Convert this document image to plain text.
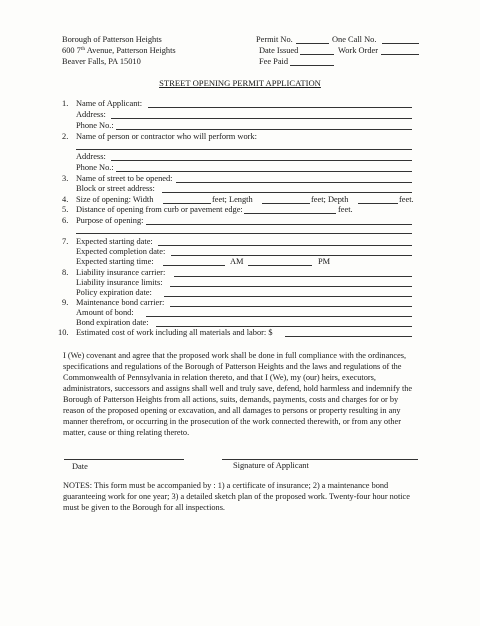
Borough of Patterson Heights
600 7th Avenue, Patterson Heights
Beaver Falls, PA 15010
Permit No.	One Call No.
Date Issued	Work Order
Fee Paid
STREET OPENING PERMIT APPLICATION
1. Name of Applicant:
Address:
Phone No.:
2. Name of person or contractor who will perform work:
Address:
Phone No.:
3. Name of street to be opened:
Block or street address:
4. Size of opening: Width	feet; Length	feet; Depth	feet.
5. Distance of opening from curb or pavement edge:	feet.
6. Purpose of opening:
7. Expected starting date:
Expected completion date:
Expected starting time:	AM	PM
8. Liability insurance carrier:
Liability insurance limits:
Policy expiration date:
9. Maintenance bond carrier:
Amount of bond:
Bond expiration date:
10. Estimated cost of work including all materials and labor: $
I (We) covenant and agree that the proposed work shall be done in full compliance with the ordinances, specifications and regulations of the Borough of Patterson Heights and the laws and regulations of the Commonwealth of Pennsylvania in relation thereto, and that I (We), my (our) heirs, executors, administrators, successors and assigns shall well and truly save, defend, hold harmless and indemnify the Borough of Patterson Heights from all actions, suits, demands, payments, costs and charges for or by reason of the proposed opening or excavation, and all damages to persons or property resulting in any manner therefrom, or occurring in the prosecution of the work connected therewith, or from any other matter, cause or thing relating thereto.
Date	Signature of Applicant
NOTES: This form must be accompanied by : 1) a certificate of insurance; 2) a maintenance bond guaranteeing work for one year; 3) a detailed sketch plan of the proposed work. Twenty-four hour notice must be given to the Borough for all inspections.
